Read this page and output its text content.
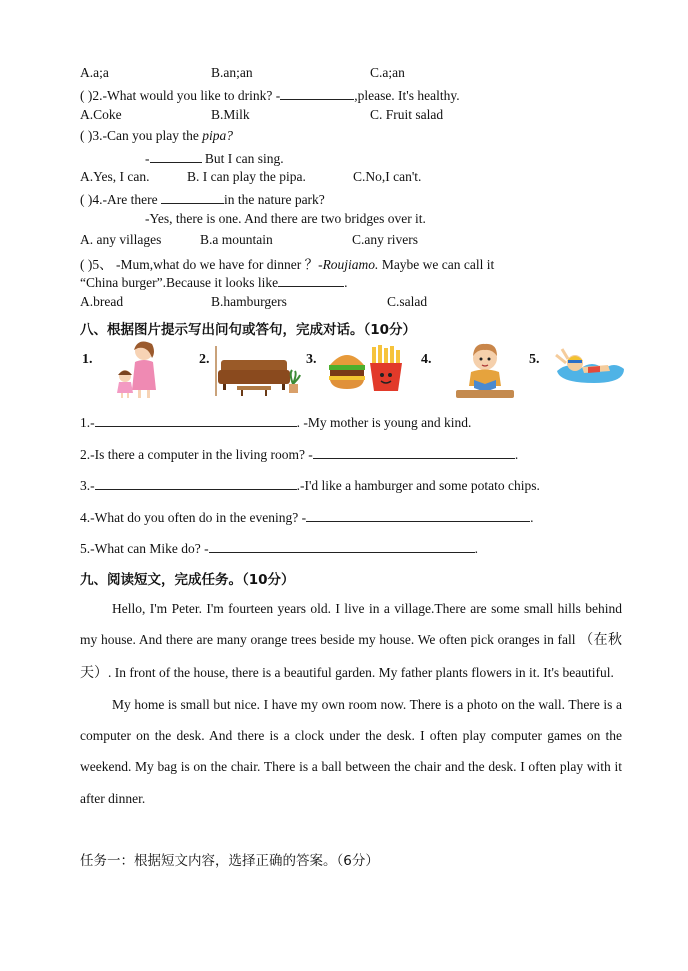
A.a;a	B.an;an	C.a;an
( )2.-What would you like to drink? -	,please. It's healthy.
A.Coke	B.Milk	C. Fruit salad
( )3.-Can you play the pipa?
-	But I can sing.
A.Yes, I can.	B. I can play the pipa.	C.No,I can't.
( )4.-Are there	in the nature park?
-Yes, there is one. And there are two bridges over it.
A. any villages	B.a mountain	C.any rivers
( )5、 -Mum,what do we have for dinner ？-Roujiamo. Maybe we can call it
“China burger”.Because it looks like	.
A.bread	B.hamburgers	C.salad
八、根据图片提示写出问句或答句，完成对话。（10分）
1.	2.	3.	4.	5.
1.-	. -My mother is young and kind.
2.-Is there a computer in the living room? -	.
3.-	.-I'd like a hamburger and some potato chips.
4.-What do you often do in the evening? -	.
5.-What can Mike do? -	.
九、阅读短文，完成任务。（10分）

Hello, I'm Peter. I'm fourteen years old. I live in a village.There are some small hills behind my house. And there are many orange trees beside my house. We often pick oranges in fall （在秋天）. In front of the house, there is a beautiful garden. My father plants flowers in it. It's beautiful.

My home is small but nice. I have my own room now. There is a photo on the wall. There is a computer on the desk. And there is a clock under the desk. I often play computer games on the weekend. My bag is on the chair. There is a ball between the chair and the desk. I often play with it after dinner.

任务一：根据短文内容，选择正确的答案。（6分）
